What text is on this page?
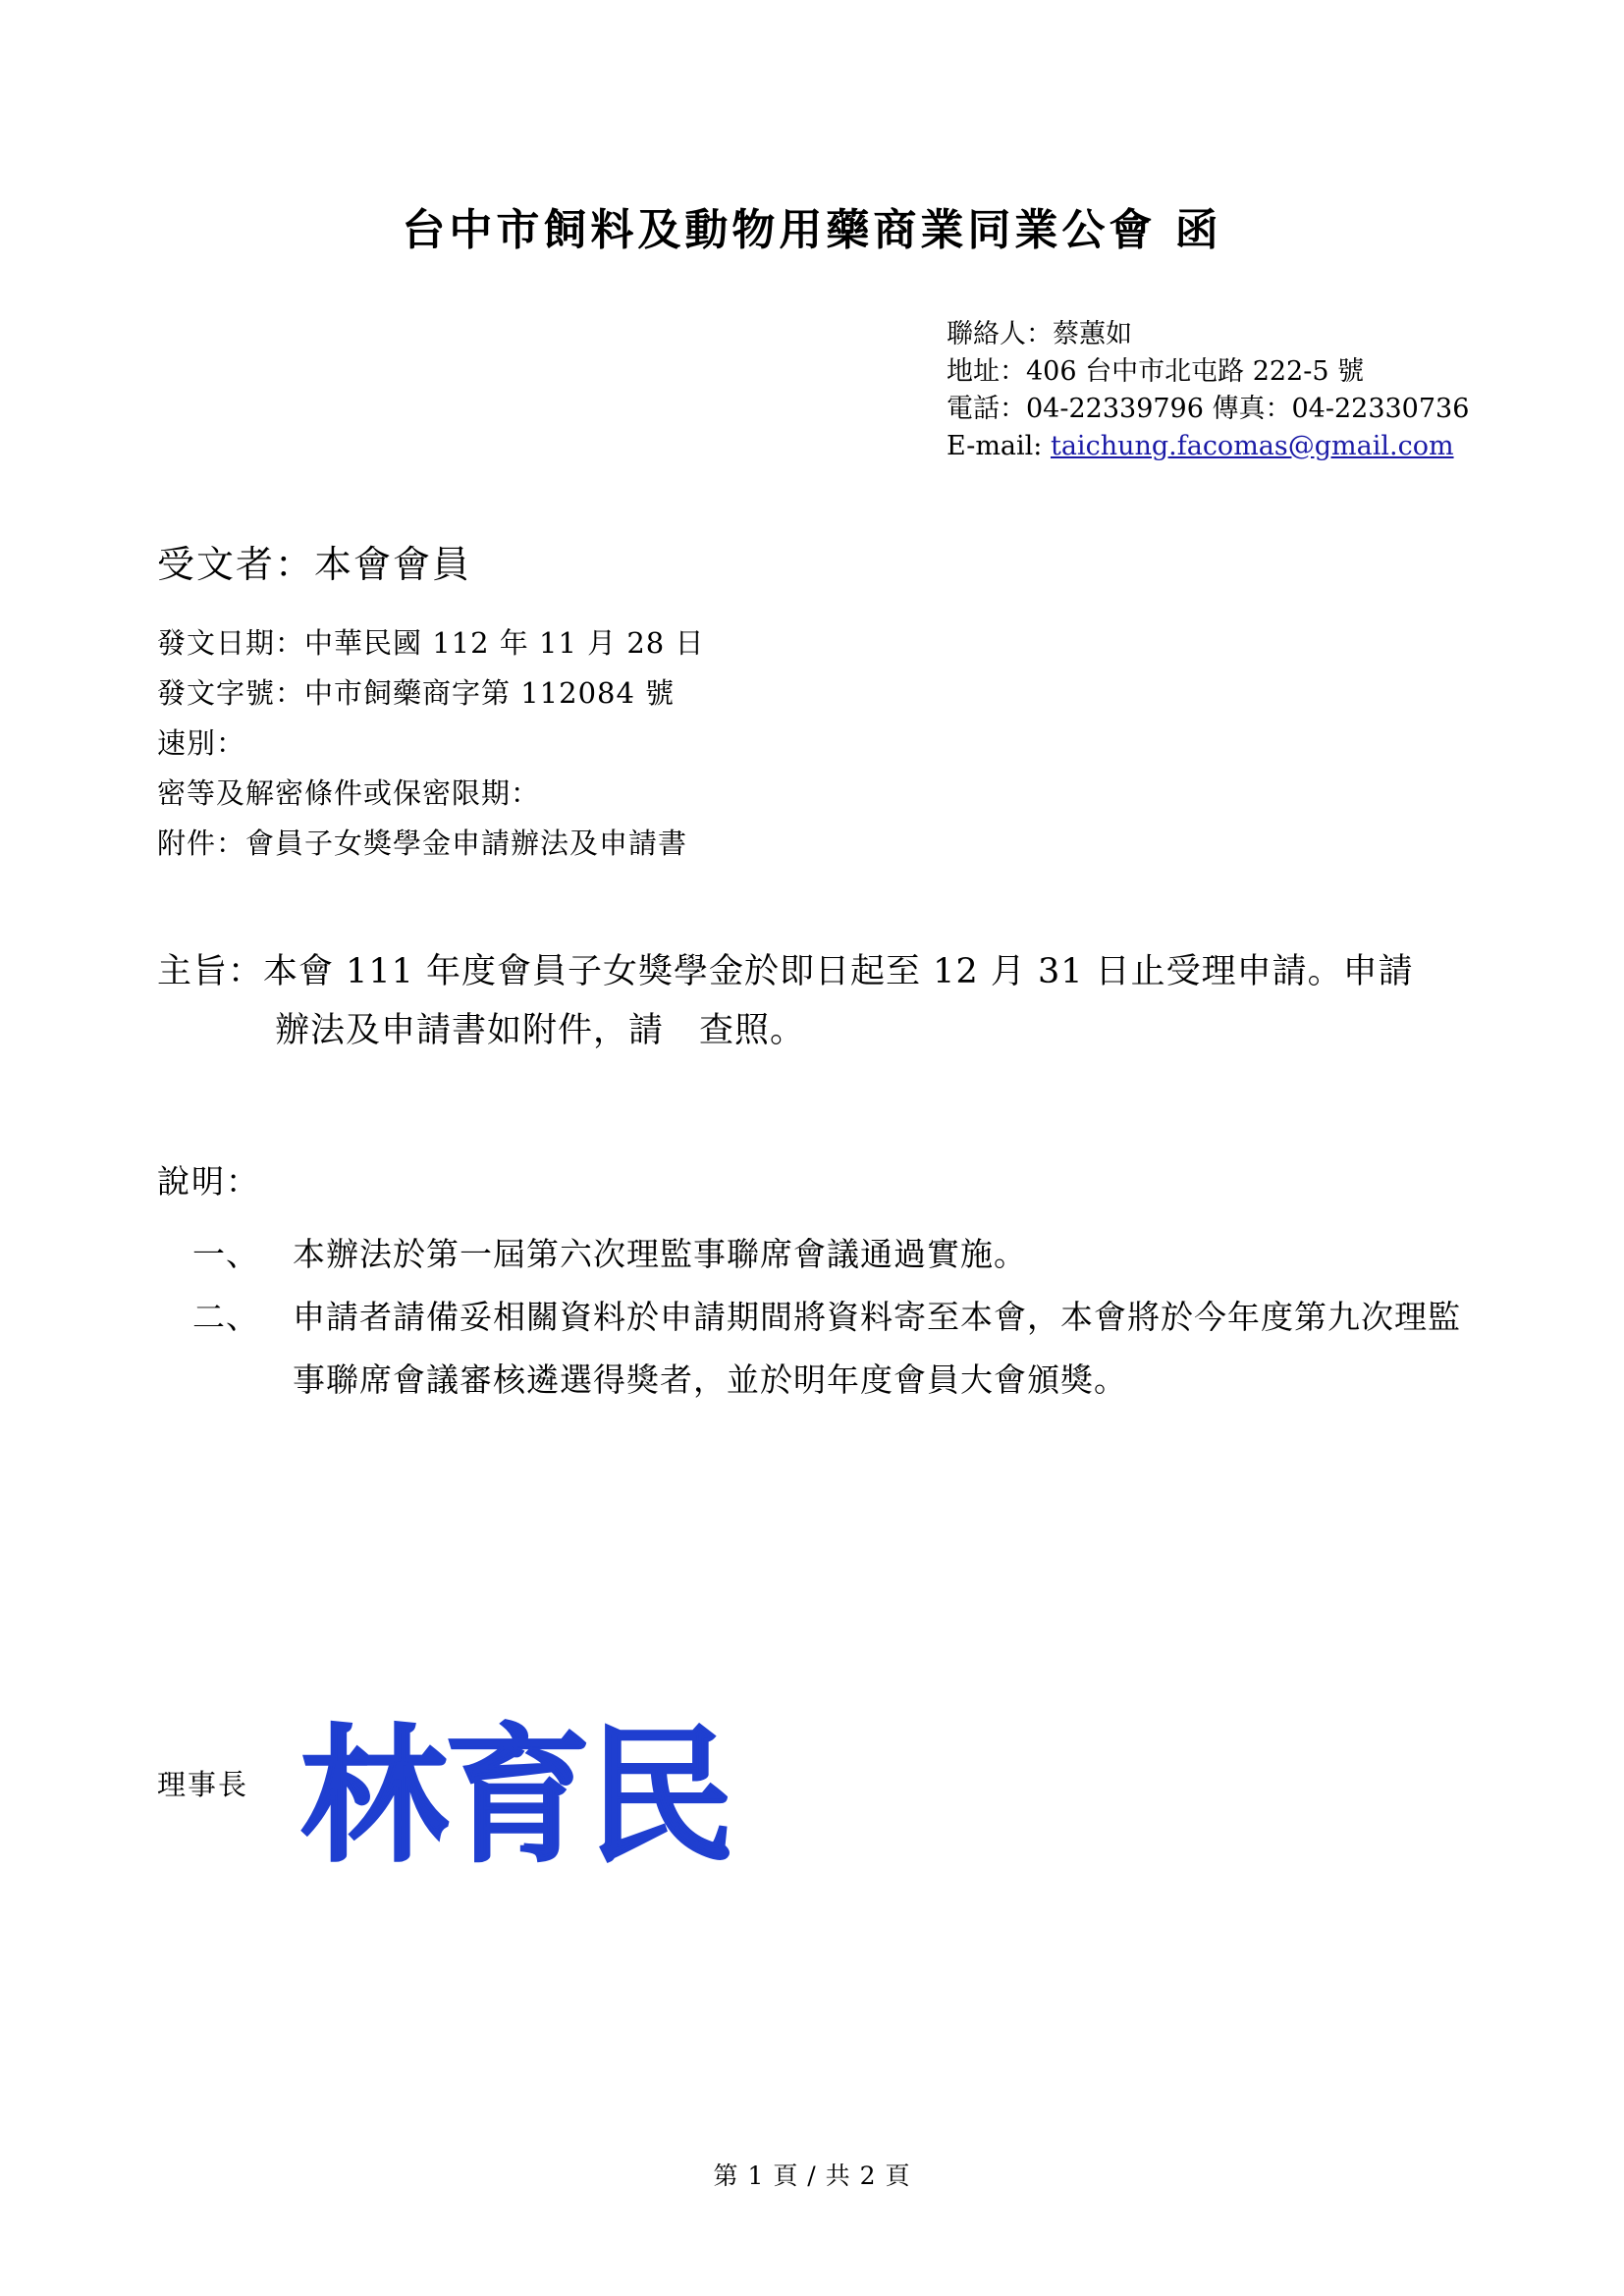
台中市飼料及動物用藥商業同業公會 函
聯絡人：蔡蕙如
地址：406 台中市北屯路 222-5 號
電話：04-22339796 傳真：04-22330736
E-mail: taichung.facomas@gmail.com
受文者：本會會員
發文日期：中華民國 112 年 11 月 28 日
發文字號：中市飼藥商字第 112084 號
速別：
密等及解密條件或保密限期：
附件：會員子女獎學金申請辦法及申請書
主旨：本會 111 年度會員子女獎學金於即日起至 12 月 31 日止受理申請。申請
辦法及申請書如附件，請　查照。
說明：
一、	本辦法於第一屆第六次理監事聯席會議通過實施。
二、	申請者請備妥相關資料於申請期間將資料寄至本會，本會將於今年度第九次理監事聯席會議審核遴選得獎者，並於明年度會員大會頒獎。
理事長 林育民
第 1 頁 / 共 2 頁
